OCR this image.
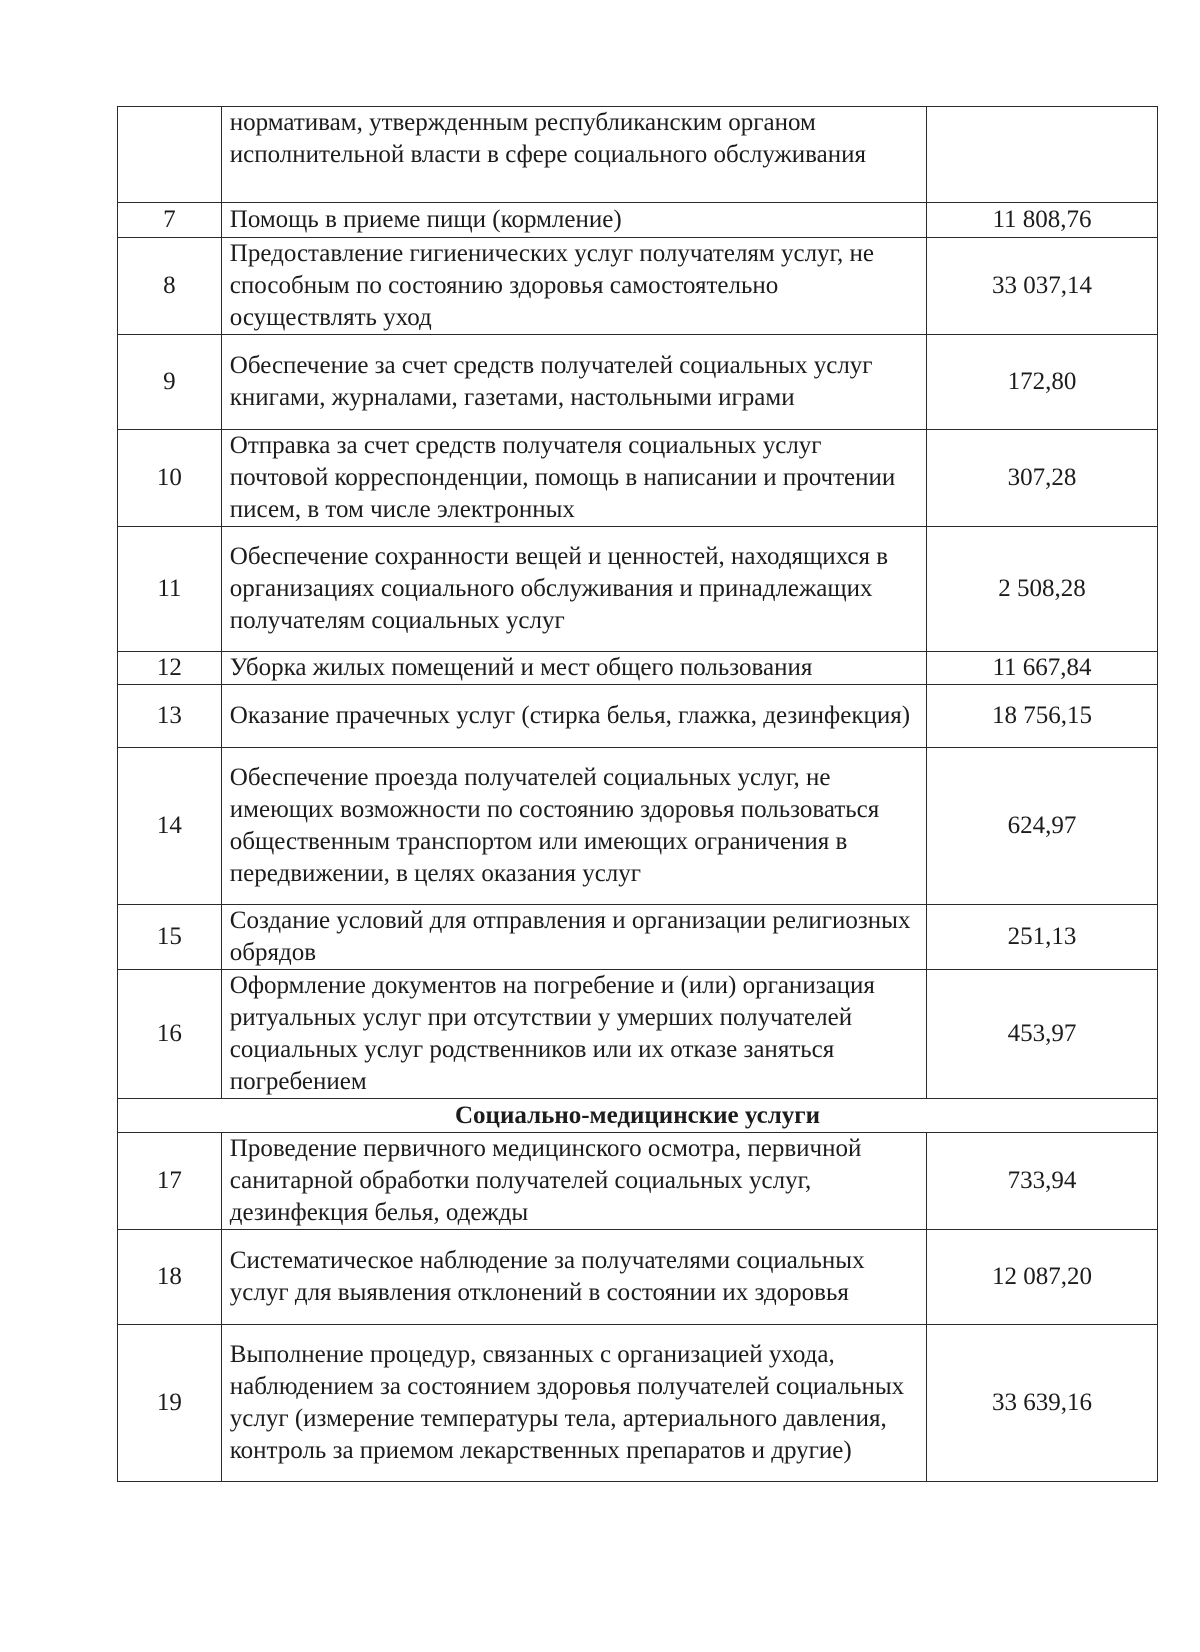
	нормативам, утвержденным республиканским органом исполнительной власти в сфере социального обслуживания	
7	Помощь в приеме пищи (кормление)	11 808,76
8	Предоставление гигиенических услуг получателям услуг, не способным по состоянию здоровья самостоятельно осуществлять уход	33 037,14
9	Обеспечение за счет средств получателей социальных услуг книгами, журналами, газетами, настольными играми	172,80
10	Отправка за счет средств получателя социальных услуг почтовой корреспонденции, помощь в написании и прочтении писем, в том числе электронных	307,28
11	Обеспечение сохранности вещей и ценностей, находящихся в организациях социального обслуживания и принадлежащих получателям социальных услуг	2 508,28
12	Уборка жилых помещений и мест общего пользования	11 667,84
13	Оказание прачечных услуг (стирка белья, глажка, дезинфекция)	18 756,15
14	Обеспечение проезда получателей социальных услуг, не имеющих возможности по состоянию здоровья пользоваться общественным транспортом или имеющих ограничения в передвижении, в целях оказания услуг	624,97
15	Создание условий для отправления и организации религиозных обрядов	251,13
16	Оформление документов на погребение и (или) организация ритуальных услуг при отсутствии у умерших получателей социальных услуг родственников или их отказе заняться погребением	453,97
Социально-медицинские услуги		
17	Проведение первичного медицинского осмотра, первичной санитарной обработки получателей социальных услуг, дезинфекция белья, одежды	733,94
18	Систематическое наблюдение за получателями социальных услуг для выявления отклонений в состоянии их здоровья	12 087,20
19	Выполнение процедур, связанных с организацией ухода, наблюдением за состоянием здоровья получателей социальных услуг (измерение температуры тела, артериального давления, контроль за приемом лекарственных препаратов и другие)	33 639,16
